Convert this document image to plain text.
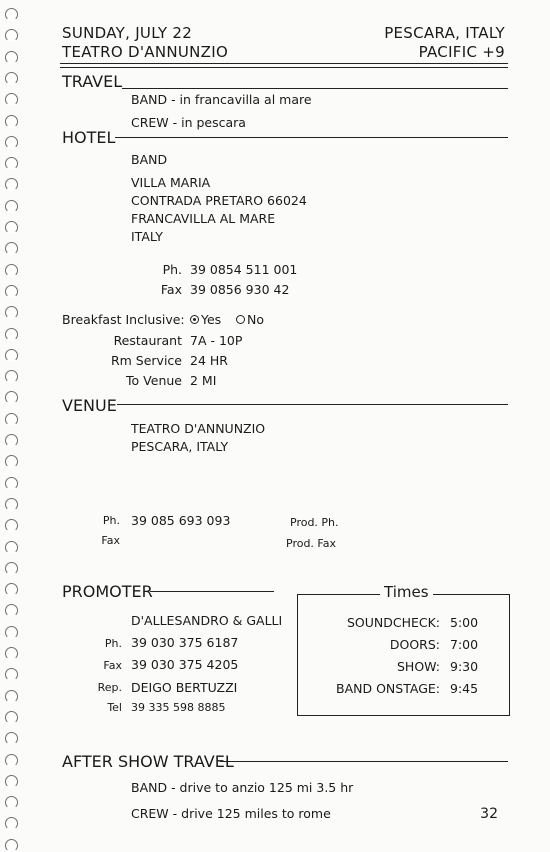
SUNDAY, JULY 22
TEATRO D'ANNUNZIO
PESCARA, ITALY
PACIFIC +9
TRAVEL
BAND - in francavilla al mare
CREW - in pescara
HOTEL
BAND
VILLA MARIA
CONTRADA PRETARO 66024
FRANCAVILLA AL MARE
ITALY
Ph. 39 0854 511 001
Fax 39 0856 930 42
Breakfast Inclusive:	Yes	No
Restaurant 7A - 10P
Rm Service 24 HR
To Venue 2 MI
VENUE
TEATRO D'ANNUNZIO
PESCARA, ITALY
Ph. 39 085 693 093
Fax
Prod. Ph.
Prod. Fax
PROMOTER
D'ALLESANDRO & GALLI
Ph. 39 030 375 6187
Fax 39 030 375 4205
Rep. DEIGO BERTUZZI
Tel 39 335 598 8885
Times
SOUNDCHECK: 5:00
DOORS: 7:00
SHOW: 9:30
BAND ONSTAGE: 9:45
AFTER SHOW TRAVEL
BAND - drive to anzio 125 mi 3.5 hr
CREW - drive 125 miles to rome	32
